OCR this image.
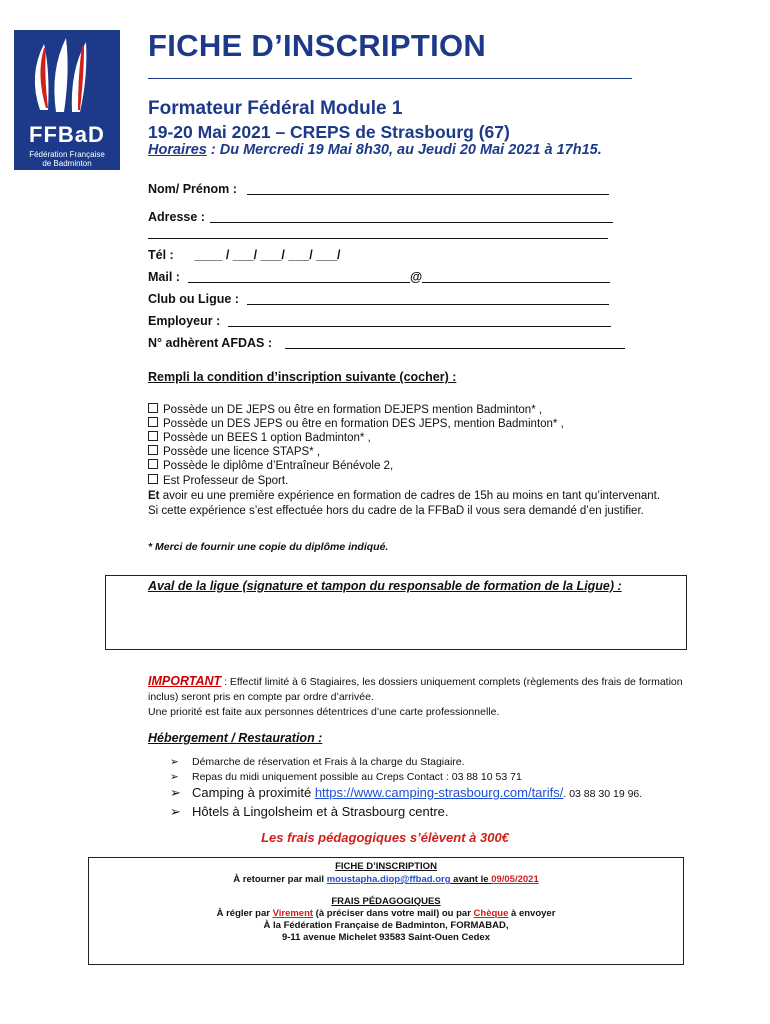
FFBaD
Fédération Française
de Badminton
FICHE D’INSCRIPTION
Formateur Fédéral Module 1
19-20 Mai 2021 – CREPS de Strasbourg (67)
Horaires : Du Mercredi 19 Mai 8h30, au Jeudi 20 Mai 2021 à 17h15.
Nom/ Prénom :
Adresse :
Tél :      ____ / ___/ ___/ ___/ ___/
Mail :	@
Club ou Ligue :
Employeur :
N° adhèrent AFDAS :
Rempli la condition d’inscription suivante (cocher) :
Possède un DE JEPS ou être en formation DEJEPS mention Badminton* ,
Possède un DES JEPS ou être en formation DES JEPS, mention Badminton* ,
Possède un BEES 1 option Badminton* ,
Possède une licence STAPS* ,
Possède le diplôme d’Entraîneur Bénévole 2,
Est Professeur de Sport.
Et avoir eu une première expérience en formation de cadres de 15h au moins en tant qu’intervenant. Si cette expérience s’est effectuée hors du cadre de la FFBaD il vous sera demandé d’en justifier.
* Merci de fournir une copie du diplôme indiqué.
Aval de la ligue (signature et tampon du responsable de formation de la Ligue) :
IMPORTANT : Effectif limité à 6 Stagiaires, les dossiers uniquement complets (règlements des frais de formation inclus) seront pris en compte par ordre d’arrivée.
Une priorité est faite aux personnes détentrices d’une carte professionnelle.
Hébergement / Restauration :
➢ Démarche de réservation et Frais à la charge du Stagiaire.
➢ Repas du midi uniquement possible au Creps Contact : 03 88 10 53 71
➢ Camping à proximité https://www.camping-strasbourg.com/tarifs/. 03 88 30 19 96.
➢ Hôtels à Lingolsheim et à Strasbourg centre.
Les frais pédagogiques s’élèvent à 300€
FICHE D’INSCRIPTION
À retourner par mail moustapha.diop@ffbad.org avant le 09/05/2021
FRAIS PÉDAGOGIQUES
À régler par Virement (à préciser dans votre mail) ou par Chèque à envoyer
À la Fédération Française de Badminton, FORMABAD,
9-11 avenue Michelet 93583 Saint-Ouen Cedex
